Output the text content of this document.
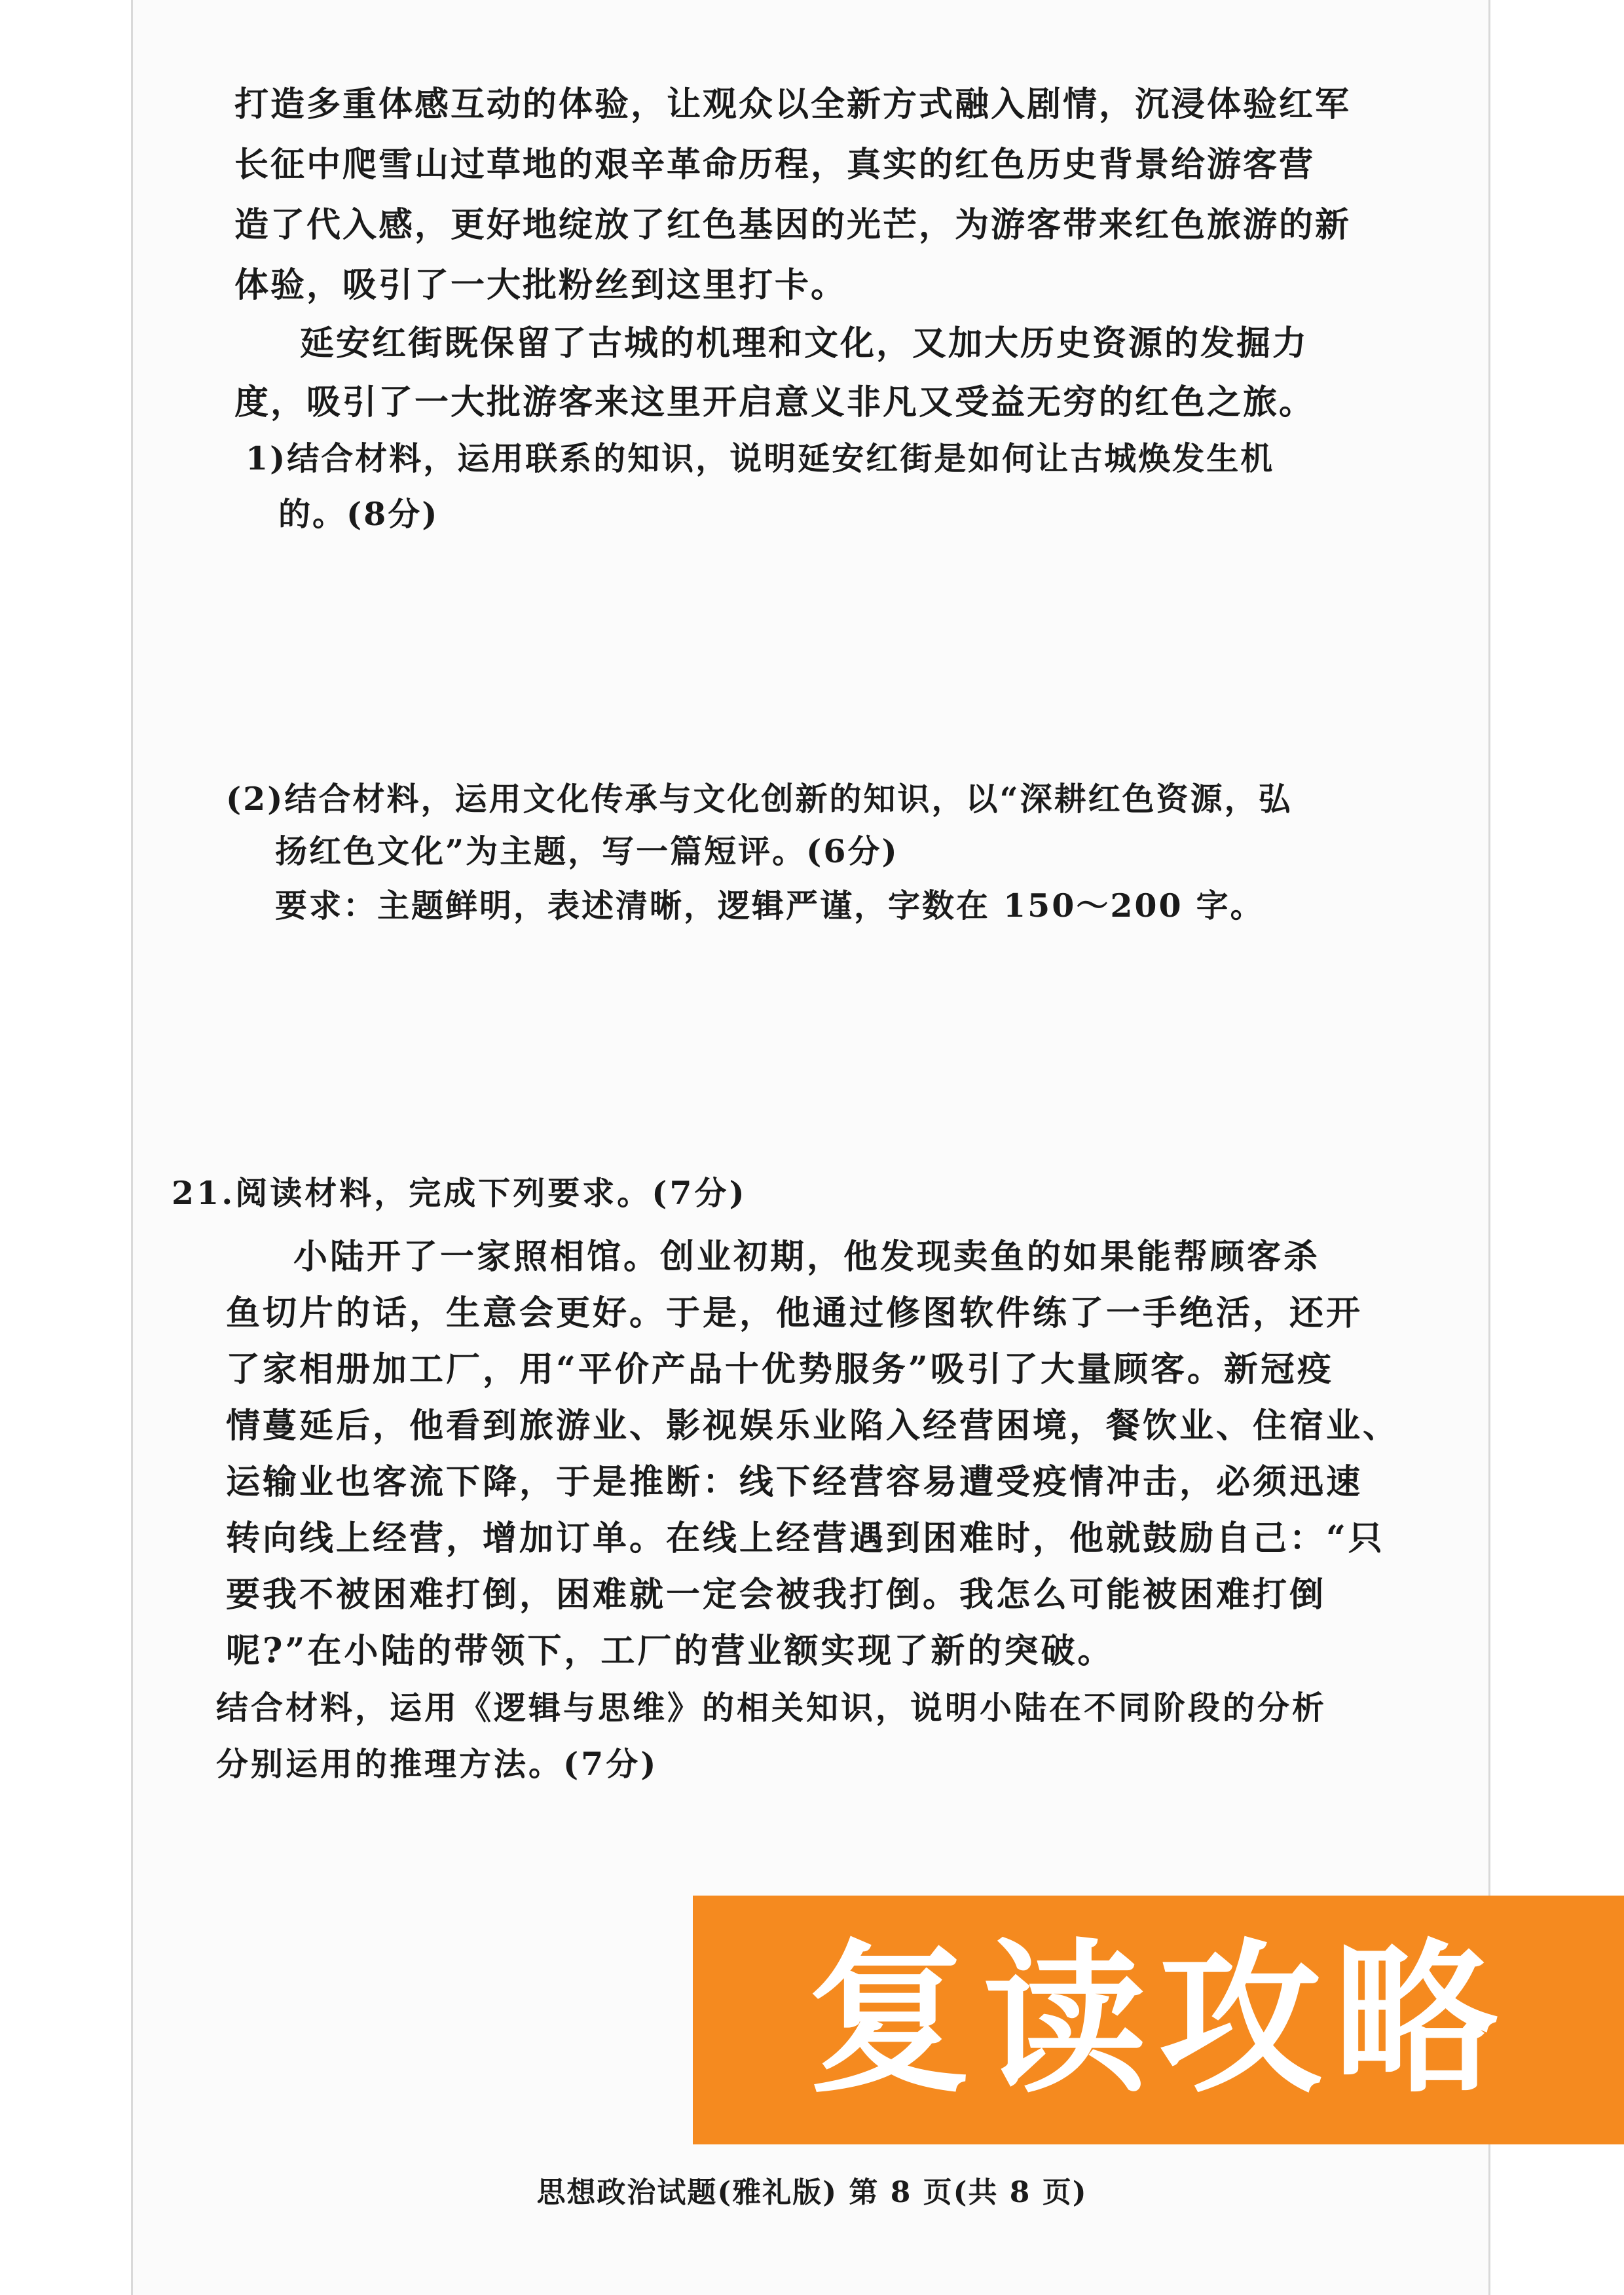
打造多重体感互动的体验，让观众以全新方式融入剧情，沉浸体验红军
长征中爬雪山过草地的艰辛革命历程，真实的红色历史背景给游客营
造了代入感，更好地绽放了红色基因的光芒，为游客带来红色旅游的新
体验，吸引了一大批粉丝到这里打卡。
延安红街既保留了古城的机理和文化，又加大历史资源的发掘力
度，吸引了一大批游客来这里开启意义非凡又受益无穷的红色之旅。
1)结合材料，运用联系的知识，说明延安红街是如何让古城焕发生机
的。(8分)
(2)结合材料，运用文化传承与文化创新的知识，以“深耕红色资源，弘
扬红色文化”为主题，写一篇短评。(6分)
要求：主题鲜明，表述清晰，逻辑严谨，字数在 150～200 字。
21.阅读材料，完成下列要求。(7分)
小陆开了一家照相馆。创业初期，他发现卖鱼的如果能帮顾客杀
鱼切片的话，生意会更好。于是，他通过修图软件练了一手绝活，还开
了家相册加工厂，用“平价产品十优势服务”吸引了大量顾客。新冠疫
情蔓延后，他看到旅游业、影视娱乐业陷入经营困境，餐饮业、住宿业、
运输业也客流下降，于是推断：线下经营容易遭受疫情冲击，必须迅速
转向线上经营，增加订单。在线上经营遇到困难时，他就鼓励自己：“只
要我不被困难打倒，困难就一定会被我打倒。我怎么可能被困难打倒
呢?”在小陆的带领下，工厂的营业额实现了新的突破。
结合材料，运用《逻辑与思维》的相关知识，说明小陆在不同阶段的分析
分别运用的推理方法。(7分)
复读攻略
思想政治试题(雅礼版) 第 8 页(共 8 页)
